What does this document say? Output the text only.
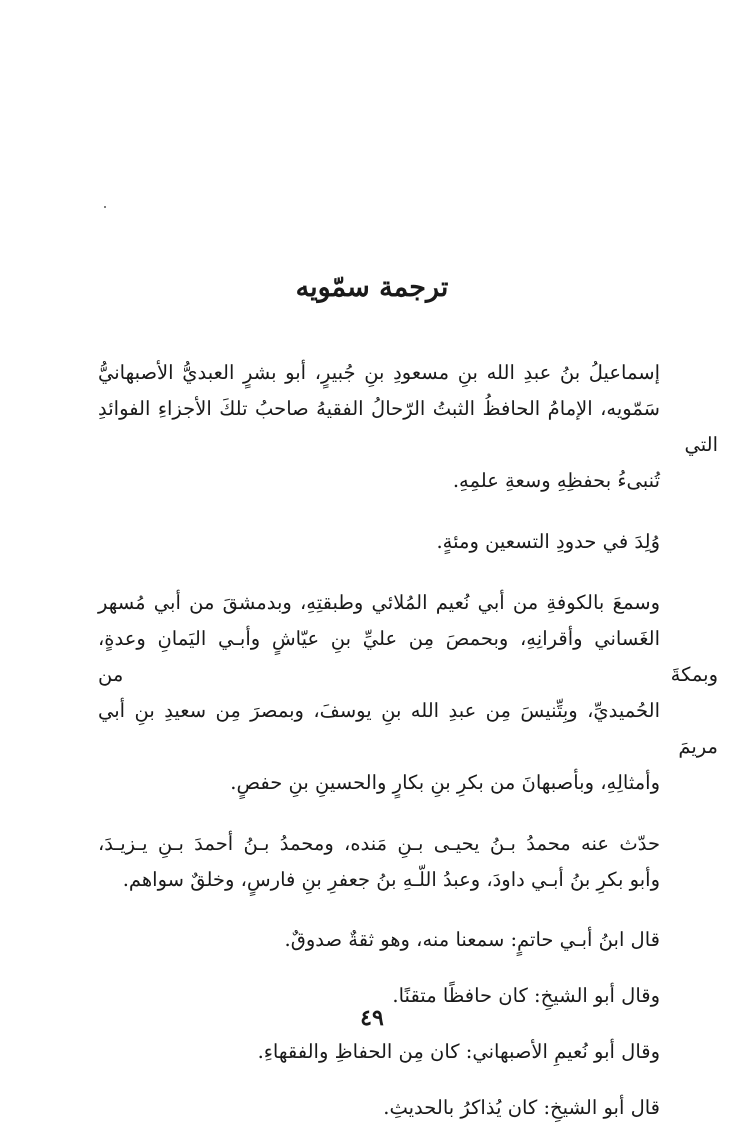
ترجمة سمّويه

إسماعيلُ بنُ عبدِ الله بنِ مسعودِ بنِ جُبيرٍ، أبو بشرٍ العبديُّ الأصبهانيُّ
سَمّويه، الإمامُ الحافظُ الثبتُ الرّحالُ الفقيهُ صاحبُ تلكَ الأجزاءِ الفوائدِ التي
تُنبىءُ بحفظِهِ وسعةِ علمِهِ.

وُلِدَ في حدودِ التسعين ومئةٍ.

وسمعَ بالكوفةِ من أبي نُعيم المُلائي وطبقتِهِ، وبدمشقَ من أبي مُسهر
الغَساني وأقرانِهِ، وبحمصَ مِن عليِّ بنِ عيّاشٍ وأبـي اليَمانِ وعدةٍ، وبمكةَ من
الحُميديِّ، وبِتِّنيسَ مِن عبدِ الله بنِ يوسفَ، وبمصرَ مِن سعيدِ بنِ أبي مريمَ
وأمثالِهِ، وبأصبهانَ من بكرِ بنِ بكارٍ والحسينِ بنِ حفصٍ.

حدّث عنه محمدُ بـنُ يحيـى بـنِ مَنده، ومحمدُ بـنُ أحمدَ بـنِ يـزيـدَ،
وأبو بكرِ بنُ أبـي داودَ، وعبدُ اللّـهِ بنُ جعفرِ بنِ فارسٍ، وخلقٌ سواهم.

قال ابنُ أبـي حاتمٍ: سمعنا منه، وهو ثقةٌ صدوقٌ.

وقال أبو الشيخِ: كان حافظًا متقنًا.

وقال أبو نُعيمِ الأصبهاني: كان مِن الحفاظِ والفقهاءِ.

قال أبو الشيخِ: كان يُذاكرُ بالحديثِ.

٤٩
